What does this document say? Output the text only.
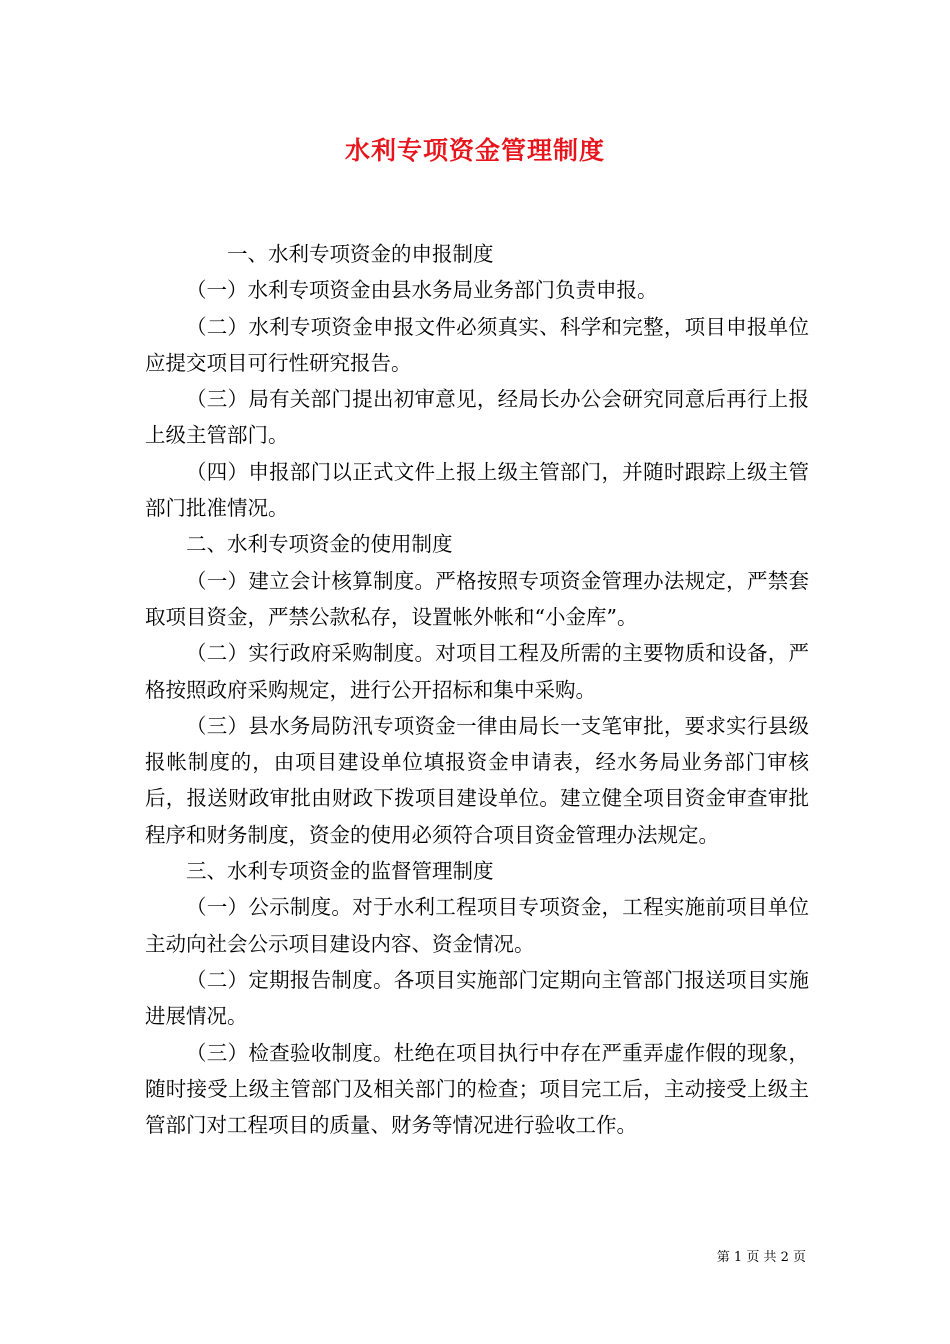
水利专项资金管理制度

一、水利专项资金的申报制度

（一）水利专项资金由县水务局业务部门负责申报。

（二）水利专项资金申报文件必须真实、科学和完整，项目申报单位应提交项目可行性研究报告。

（三）局有关部门提出初审意见，经局长办公会研究同意后再行上报上级主管部门。

（四）申报部门以正式文件上报上级主管部门，并随时跟踪上级主管部门批准情况。

二、水利专项资金的使用制度

（一）建立会计核算制度。严格按照专项资金管理办法规定，严禁套取项目资金，严禁公款私存，设置帐外帐和“小金库”。

（二）实行政府采购制度。对项目工程及所需的主要物质和设备，严格按照政府采购规定，进行公开招标和集中采购。

（三）县水务局防汛专项资金一律由局长一支笔审批，要求实行县级报帐制度的，由项目建设单位填报资金申请表，经水务局业务部门审核后，报送财政审批由财政下拨项目建设单位。建立健全项目资金审查审批程序和财务制度，资金的使用必须符合项目资金管理办法规定。

三、水利专项资金的监督管理制度

（一）公示制度。对于水利工程项目专项资金，工程实施前项目单位主动向社会公示项目建设内容、资金情况。

（二）定期报告制度。各项目实施部门定期向主管部门报送项目实施进展情况。

（三）检查验收制度。杜绝在项目执行中存在严重弄虚作假的现象，随时接受上级主管部门及相关部门的检查；项目完工后，主动接受上级主管部门对工程项目的质量、财务等情况进行验收工作。

第 1 页 共 2 页
